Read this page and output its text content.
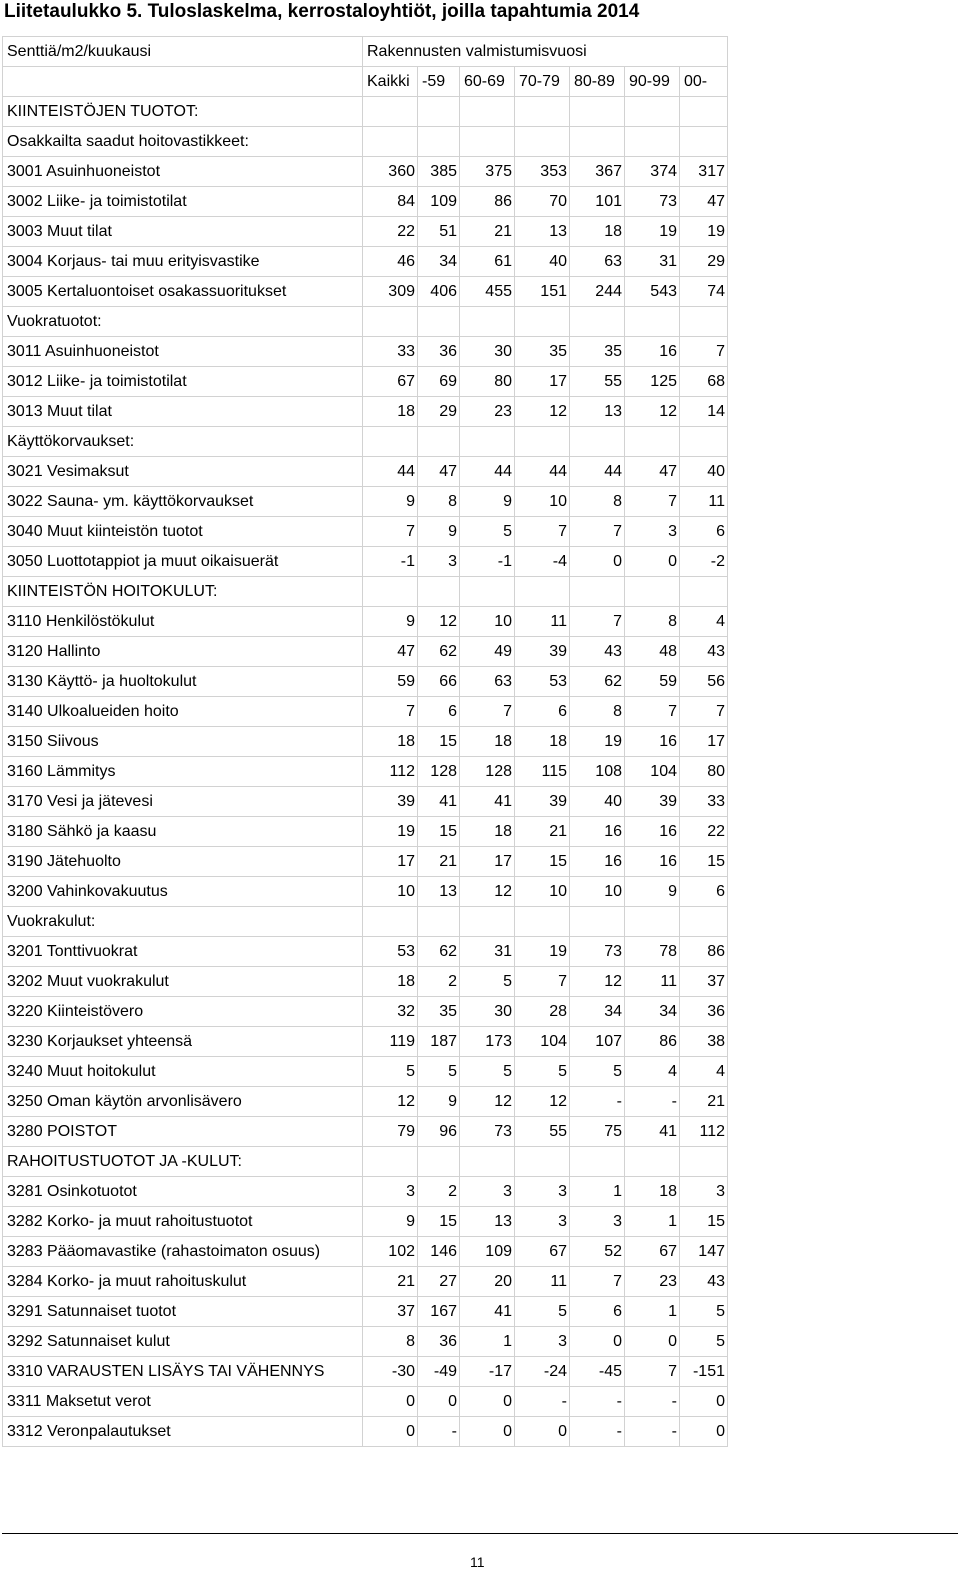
Liitetaulukko 5. Tuloslaskelma, kerrostaloyhtiöt, joilla tapahtumia 2014
Senttiä/m2/kuukausi	Rakennusten valmistumisvuosi						
	Kaikki	-59	60-69	70-79	80-89	90-99	00-
KIINTEISTÖJEN TUOTOT:							
Osakkailta saadut hoitovastikkeet:							
3001 Asuinhuoneistot	360	385	375	353	367	374	317
3002 Liike- ja toimistotilat	84	109	86	70	101	73	47
3003 Muut tilat	22	51	21	13	18	19	19
3004 Korjaus- tai muu erityisvastike	46	34	61	40	63	31	29
3005 Kertaluontoiset osakassuoritukset	309	406	455	151	244	543	74
Vuokratuotot:							
3011 Asuinhuoneistot	33	36	30	35	35	16	7
3012 Liike- ja toimistotilat	67	69	80	17	55	125	68
3013 Muut tilat	18	29	23	12	13	12	14
Käyttökorvaukset:							
3021 Vesimaksut	44	47	44	44	44	47	40
3022 Sauna- ym. käyttökorvaukset	9	8	9	10	8	7	11
3040 Muut kiinteistön tuotot	7	9	5	7	7	3	6
3050 Luottotappiot ja muut oikaisuerät	-1	3	-1	-4	0	0	-2
KIINTEISTÖN HOITOKULUT:							
3110 Henkilöstökulut	9	12	10	11	7	8	4
3120 Hallinto	47	62	49	39	43	48	43
3130 Käyttö- ja huoltokulut	59	66	63	53	62	59	56
3140 Ulkoalueiden hoito	7	6	7	6	8	7	7
3150 Siivous	18	15	18	18	19	16	17
3160 Lämmitys	112	128	128	115	108	104	80
3170 Vesi ja jätevesi	39	41	41	39	40	39	33
3180 Sähkö ja kaasu	19	15	18	21	16	16	22
3190 Jätehuolto	17	21	17	15	16	16	15
3200 Vahinkovakuutus	10	13	12	10	10	9	6
Vuokrakulut:							
3201 Tonttivuokrat	53	62	31	19	73	78	86
3202 Muut vuokrakulut	18	2	5	7	12	11	37
3220 Kiinteistövero	32	35	30	28	34	34	36
3230 Korjaukset yhteensä	119	187	173	104	107	86	38
3240 Muut hoitokulut	5	5	5	5	5	4	4
3250 Oman käytön arvonlisävero	12	9	12	12	-	-	21
3280 POISTOT	79	96	73	55	75	41	112
RAHOITUSTUOTOT JA -KULUT:							
3281 Osinkotuotot	3	2	3	3	1	18	3
3282 Korko- ja muut rahoitustuotot	9	15	13	3	3	1	15
3283 Pääomavastike (rahastoimaton osuus)	102	146	109	67	52	67	147
3284 Korko- ja muut rahoituskulut	21	27	20	11	7	23	43
3291 Satunnaiset tuotot	37	167	41	5	6	1	5
3292 Satunnaiset kulut	8	36	1	3	0	0	5
3310 VARAUSTEN LISÄYS TAI VÄHENNYS	-30	-49	-17	-24	-45	7	-151
3311 Maksetut verot	0	0	0	-	-	-	0
3312 Veronpalautukset	0	-	0	0	-	-	0
11
